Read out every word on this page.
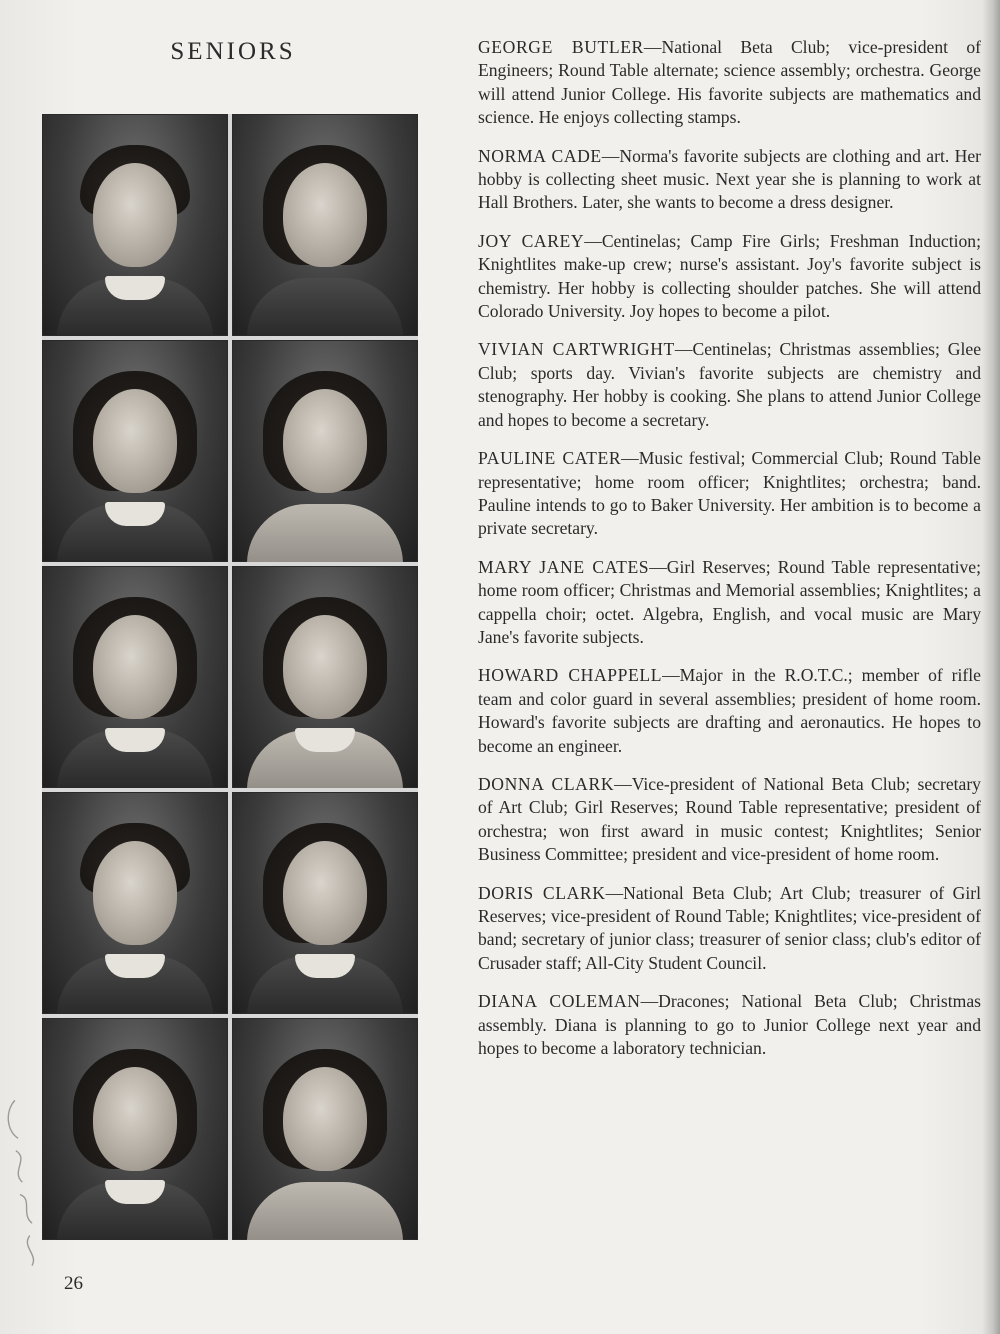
SENIORS	GEORGE BUTLER—National Beta Club; vice-president of Engineers; Round Table alternate; science assembly; orchestra. George will attend Junior College. His favorite subjects are mathematics and science. He enjoys collecting stamps.

NORMA CADE—Norma's favorite subjects are clothing and art. Her hobby is collecting sheet music. Next year she is planning to work at Hall Brothers. Later, she wants to become a dress designer.

JOY CAREY—Centinelas; Camp Fire Girls; Freshman Induction; Knightlites make-up crew; nurse's assistant. Joy's favorite subject is chemistry. Her hobby is collecting shoulder patches. She will attend Colorado University. Joy hopes to become a pilot.

VIVIAN CARTWRIGHT—Centinelas; Christmas assemblies; Glee Club; sports day. Vivian's favorite subjects are chemistry and stenography. Her hobby is cooking. She plans to attend Junior College and hopes to become a secretary.

PAULINE CATER—Music festival; Commercial Club; Round Table representative; home room officer; Knightlites; orchestra; band. Pauline intends to go to Baker University. Her ambition is to become a private secretary.

MARY JANE CATES—Girl Reserves; Round Table representative; home room officer; Christmas and Memorial assemblies; Knightlites; a cappella choir; octet. Algebra, English, and vocal music are Mary Jane's favorite subjects.

HOWARD CHAPPELL—Major in the R.O.T.C.; member of rifle team and color guard in several assemblies; president of home room. Howard's favorite subjects are drafting and aeronautics. He hopes to become an engineer.

DONNA CLARK—Vice-president of National Beta Club; secretary of Art Club; Girl Reserves; Round Table representative; president of orchestra; won first award in music contest; Knightlites; Senior Business Committee; president and vice-president of home room.

DORIS CLARK—National Beta Club; Art Club; treasurer of Girl Reserves; vice-president of Round Table; Knightlites; vice-president of band; secretary of junior class; treasurer of senior class; club's editor of Crusader staff; All-City Student Council.

DIANA COLEMAN—Dracones; National Beta Club; Christmas assembly. Diana is planning to go to Junior College next year and hopes to become a laboratory technician.

26
